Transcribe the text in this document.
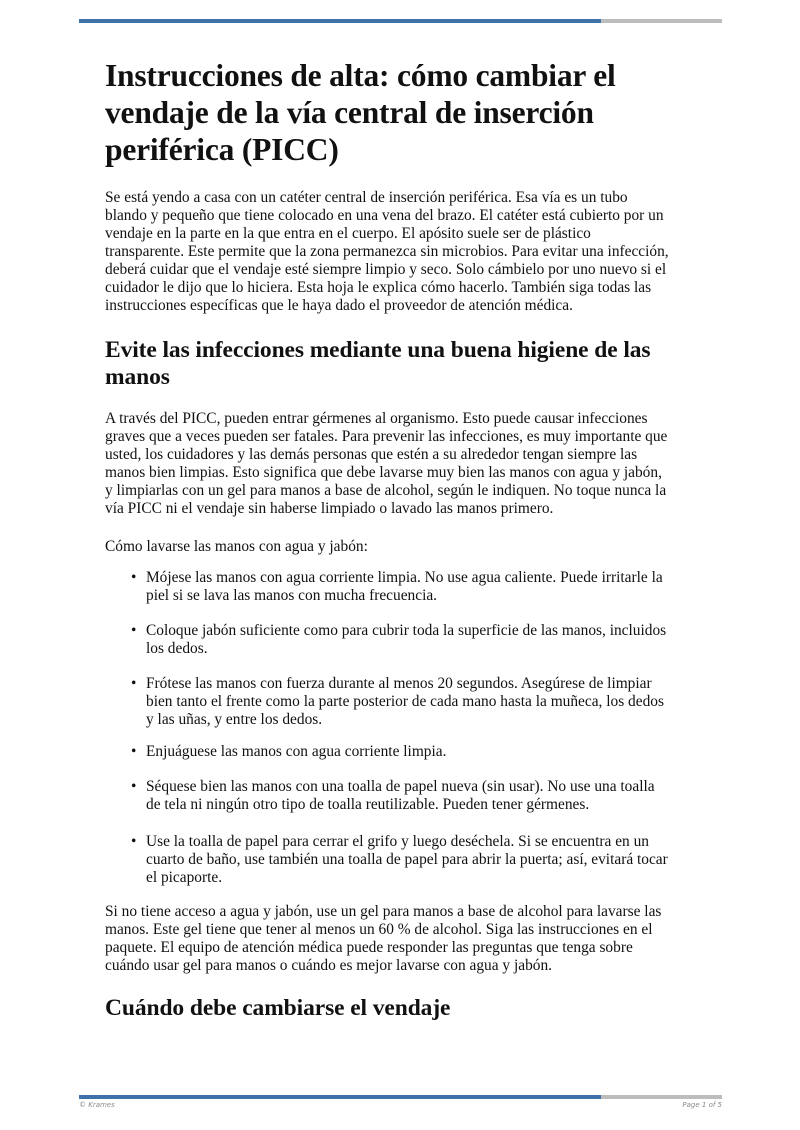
Instrucciones de alta: cómo cambiar el
vendaje de la vía central de inserción
periférica (PICC)

Se está yendo a casa con un catéter central de inserción periférica. Esa vía es un tubo
blando y pequeño que tiene colocado en una vena del brazo. El catéter está cubierto por un
vendaje en la parte en la que entra en el cuerpo. El apósito suele ser de plástico
transparente. Este permite que la zona permanezca sin microbios. Para evitar una infección,
deberá cuidar que el vendaje esté siempre limpio y seco. Solo cámbielo por uno nuevo si el
cuidador le dijo que lo hiciera. Esta hoja le explica cómo hacerlo. También siga todas las
instrucciones específicas que le haya dado el proveedor de atención médica.

Evite las infecciones mediante una buena higiene de las
manos

A través del PICC, pueden entrar gérmenes al organismo. Esto puede causar infecciones
graves que a veces pueden ser fatales. Para prevenir las infecciones, es muy importante que
usted, los cuidadores y las demás personas que estén a su alrededor tengan siempre las
manos bien limpias. Esto significa que debe lavarse muy bien las manos con agua y jabón,
y limpiarlas con un gel para manos a base de alcohol, según le indiquen. No toque nunca la
vía PICC ni el vendaje sin haberse limpiado o lavado las manos primero.

Cómo lavarse las manos con agua y jabón:

• Mójese las manos con agua corriente limpia. No use agua caliente. Puede irritarle la
piel si se lava las manos con mucha frecuencia.
• Coloque jabón suficiente como para cubrir toda la superficie de las manos, incluidos
los dedos.
• Frótese las manos con fuerza durante al menos 20 segundos. Asegúrese de limpiar
bien tanto el frente como la parte posterior de cada mano hasta la muñeca, los dedos
y las uñas, y entre los dedos.
• Enjuáguese las manos con agua corriente limpia.
• Séquese bien las manos con una toalla de papel nueva (sin usar). No use una toalla
de tela ni ningún otro tipo de toalla reutilizable. Pueden tener gérmenes.
• Use la toalla de papel para cerrar el grifo y luego deséchela. Si se encuentra en un
cuarto de baño, use también una toalla de papel para abrir la puerta; así, evitará tocar
el picaporte.

Si no tiene acceso a agua y jabón, use un gel para manos a base de alcohol para lavarse las
manos. Este gel tiene que tener al menos un 60 % de alcohol. Siga las instrucciones en el
paquete. El equipo de atención médica puede responder las preguntas que tenga sobre
cuándo usar gel para manos o cuándo es mejor lavarse con agua y jabón.

Cuándo debe cambiarse el vendaje
© Krames	Page 1 of 5
